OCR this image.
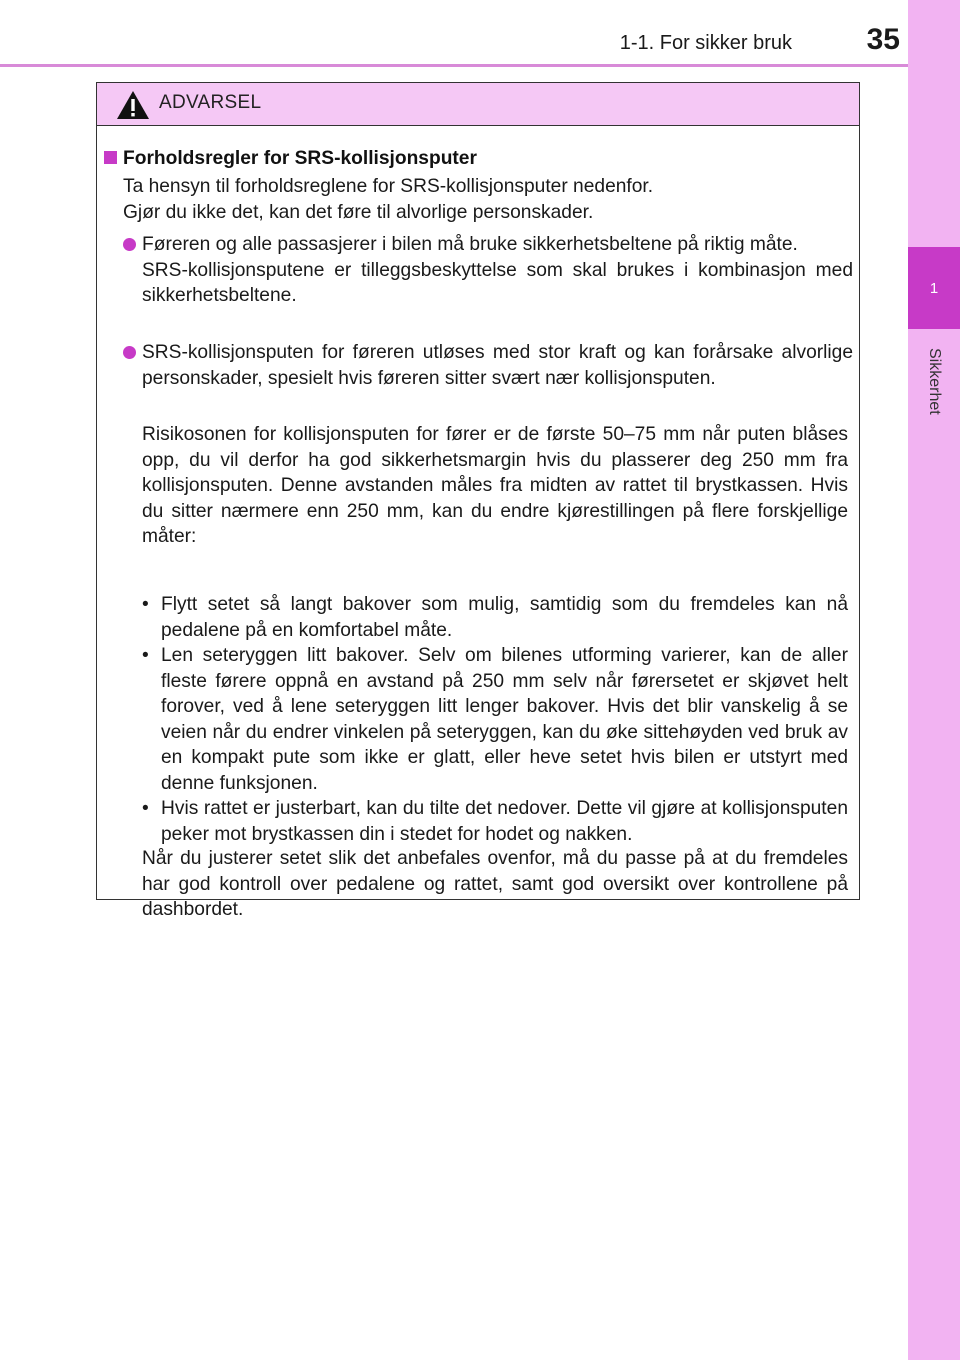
1
Sikkerhet
1-1. For sikker bruk	35
ADVARSEL
Forholdsregler for SRS-kollisjonsputer
Ta hensyn til forholdsreglene for SRS-kollisjonsputer nedenfor.
Gjør du ikke det, kan det føre til alvorlige personskader.

Føreren og alle passasjerer i bilen må bruke sikkerhetsbeltene på riktig måte.

SRS-kollisjonsputene er tilleggsbeskyttelse som skal brukes i kombinasjon med sikkerhetsbeltene.

SRS-kollisjonsputen for føreren utløses med stor kraft og kan forårsake alvorlige personskader, spesielt hvis føreren sitter svært nær kollisjonsputen.

Risikosonen for kollisjonsputen for fører er de første 50–75 mm når puten blåses opp, du vil derfor ha god sikkerhetsmargin hvis du plasserer deg 250 mm fra kollisjonsputen. Denne avstanden måles fra midten av rattet til brystkassen. Hvis du sitter nærmere enn 250 mm, kan du endre kjørestillingen på flere forskjellige måter:

• Flytt setet så langt bakover som mulig, samtidig som du fremdeles kan nå pedalene på en komfortabel måte.
• Len seteryggen litt bakover. Selv om bilenes utforming varierer, kan de aller fleste førere oppnå en avstand på 250 mm selv når førersetet er skjøvet helt forover, ved å lene seteryggen litt lenger bakover. Hvis det blir vanskelig å se veien når du endrer vinkelen på seteryggen, kan du øke sittehøyden ved bruk av en kompakt pute som ikke er glatt, eller heve setet hvis bilen er utstyrt med denne funksjonen.
• Hvis rattet er justerbart, kan du tilte det nedover. Dette vil gjøre at kollisjonsputen peker mot brystkassen din i stedet for hodet og nakken.

Når du justerer setet slik det anbefales ovenfor, må du passe på at du fremdeles har god kontroll over pedalene og rattet, samt god oversikt over kontrollene på dashbordet.
